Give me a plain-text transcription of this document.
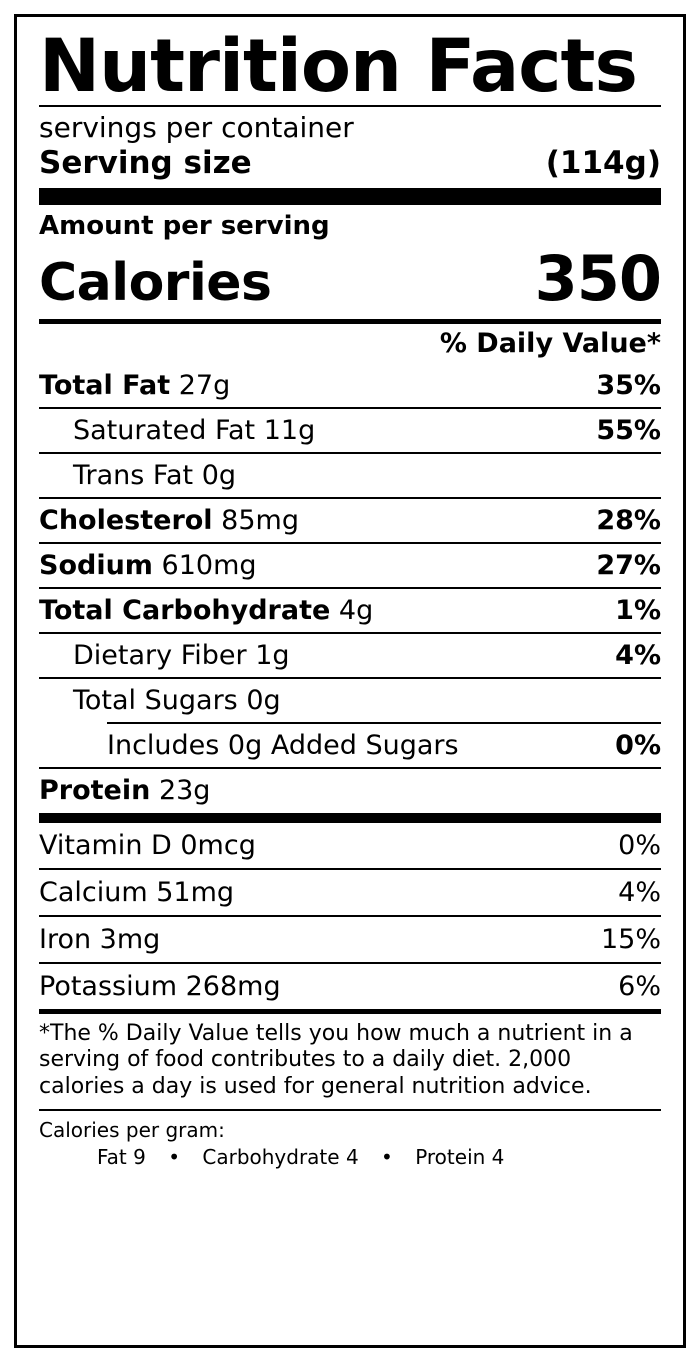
Nutrition Facts
servings per container
Serving size	(114g)
Amount per serving
Calories	350
% Daily Value*
Total Fat 27g	35%
Saturated Fat 11g	55%
Trans Fat 0g
Cholesterol 85mg	28%
Sodium 610mg	27%
Total Carbohydrate 4g	1%
Dietary Fiber 1g	4%
Total Sugars 0g
Includes 0g Added Sugars	0%
Protein 23g
Vitamin D 0mcg	0%
Calcium 51mg	4%
Iron 3mg	15%
Potassium 268mg	6%
*The % Daily Value tells you how much a nutrient in a serving of food contributes to a daily diet. 2,000 calories a day is used for general nutrition advice.
Calories per gram:
Fat 9 • Carbohydrate 4 • Protein 4
